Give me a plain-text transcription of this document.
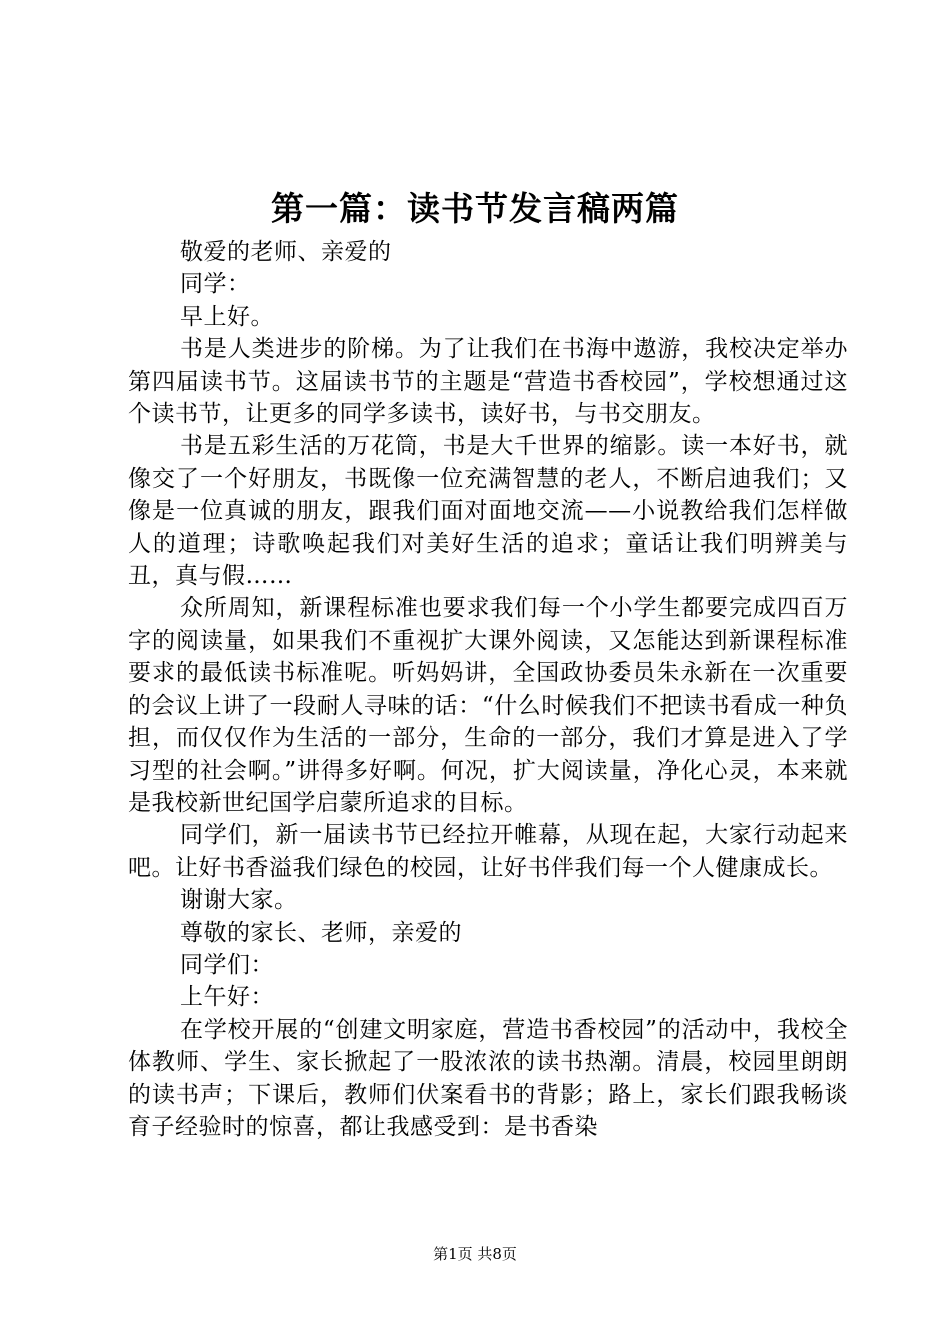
第一篇：读书节发言稿两篇

敬爱的老师、亲爱的

同学：

早上好。

书是人类进步的阶梯。为了让我们在书海中遨游，我校决定举办第四届读书节。这届读书节的主题是“营造书香校园”，学校想通过这个读书节，让更多的同学多读书，读好书，与书交朋友。

书是五彩生活的万花筒，书是大千世界的缩影。读一本好书，就像交了一个好朋友，书既像一位充满智慧的老人，不断启迪我们；又像是一位真诚的朋友，跟我们面对面地交流——小说教给我们怎样做人的道理；诗歌唤起我们对美好生活的追求；童话让我们明辨美与丑，真与假……

众所周知，新课程标准也要求我们每一个小学生都要完成四百万字的阅读量，如果我们不重视扩大课外阅读，又怎能达到新课程标准要求的最低读书标准呢。听妈妈讲，全国政协委员朱永新在一次重要的会议上讲了一段耐人寻味的话：“什么时候我们不把读书看成一种负担，而仅仅作为生活的一部分，生命的一部分，我们才算是进入了学习型的社会啊。”讲得多好啊。何况，扩大阅读量，净化心灵，本来就是我校新世纪国学启蒙所追求的目标。

同学们，新一届读书节已经拉开帷幕，从现在起，大家行动起来吧。让好书香溢我们绿色的校园，让好书伴我们每一个人健康成长。

谢谢大家。

尊敬的家长、老师，亲爱的

同学们：

上午好：

在学校开展的“创建文明家庭，营造书香校园”的活动中，我校全体教师、学生、家长掀起了一股浓浓的读书热潮。清晨，校园里朗朗的读书声；下课后，教师们伏案看书的背影；路上，家长们跟我畅谈育子经验时的惊喜，都让我感受到：是书香染

第1页 共8页
